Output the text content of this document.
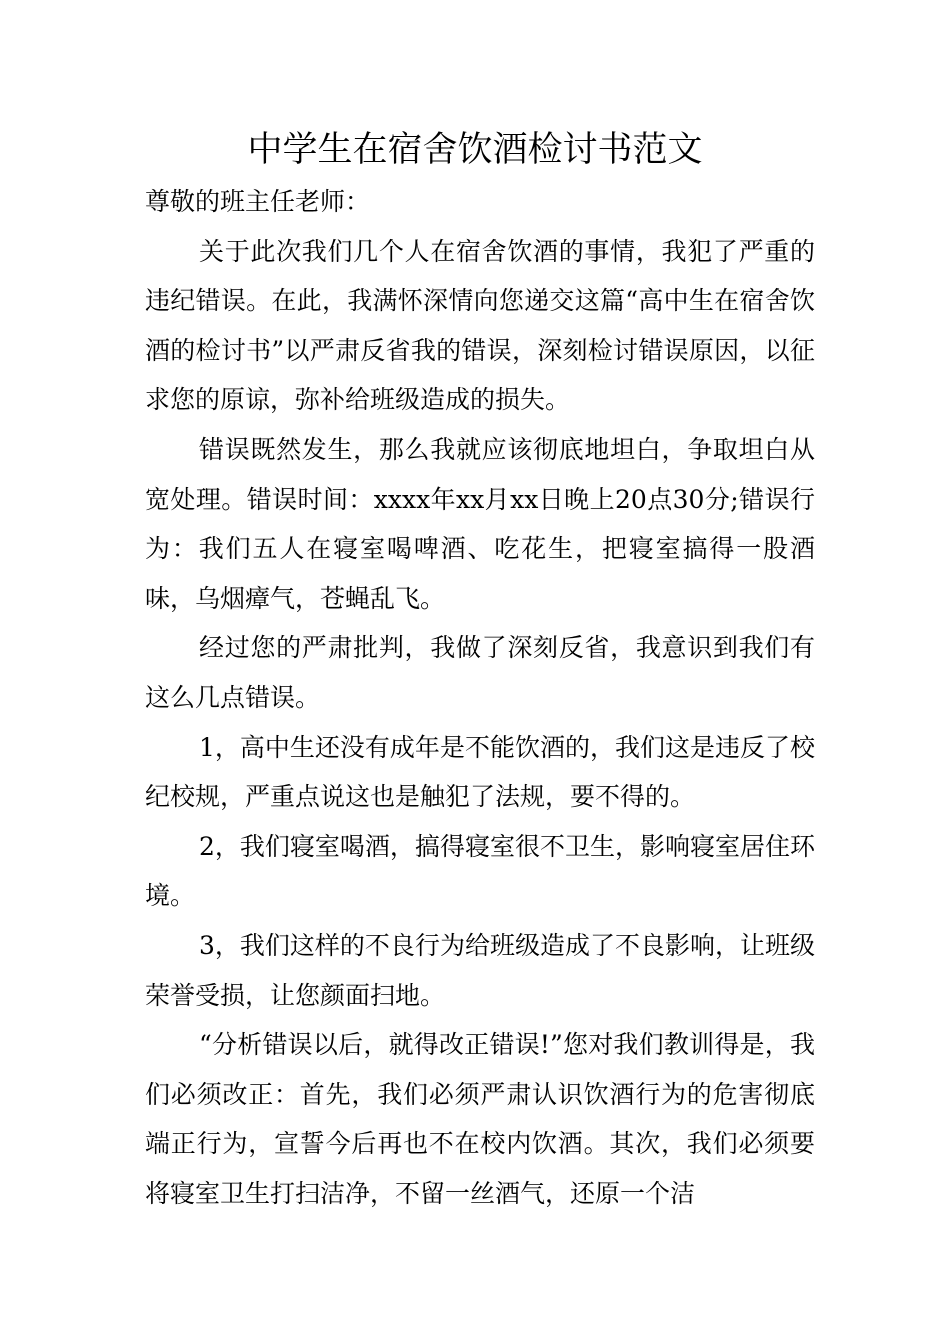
中学生在宿舍饮酒检讨书范文

尊敬的班主任老师：

关于此次我们几个人在宿舍饮酒的事情，我犯了严重的违纪错误。在此，我满怀深情向您递交这篇“高中生在宿舍饮酒的检讨书”以严肃反省我的错误，深刻检讨错误原因，以征求您的原谅，弥补给班级造成的损失。

错误既然发生，那么我就应该彻底地坦白，争取坦白从宽处理。错误时间：xxxx年xx月xx日晚上20点30分;错误行为：我们五人在寝室喝啤酒、吃花生，把寝室搞得一股酒味，乌烟瘴气，苍蝇乱飞。

经过您的严肃批判，我做了深刻反省，我意识到我们有这么几点错误。

1，高中生还没有成年是不能饮酒的，我们这是违反了校纪校规，严重点说这也是触犯了法规，要不得的。

2，我们寝室喝酒，搞得寝室很不卫生，影响寝室居住环境。

3，我们这样的不良行为给班级造成了不良影响，让班级荣誉受损，让您颜面扫地。

“分析错误以后，就得改正错误!”您对我们教训得是，我们必须改正：首先，我们必须严肃认识饮酒行为的危害彻底端正行为，宣誓今后再也不在校内饮酒。其次，我们必须要将寝室卫生打扫洁净，不留一丝酒气，还原一个洁
